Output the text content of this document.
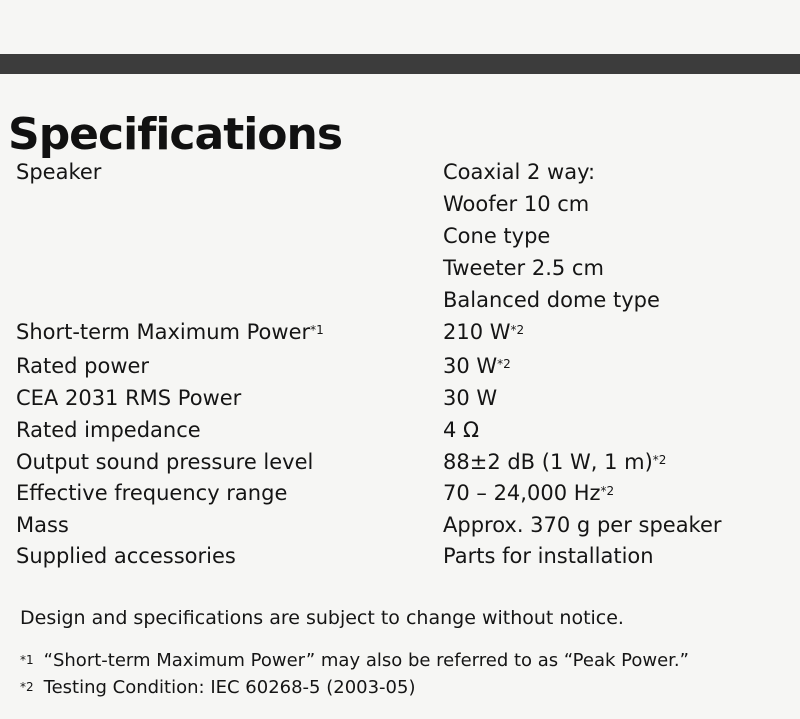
Specifications
Speaker	Coaxial 2 way:
Woofer 10 cm
Cone type
Tweeter 2.5 cm
Balanced dome type
Short-term Maximum Power$^{*1}$	210 $W^{*2}$
Rated power	30 $W^{*2}$
CEA 2031 RMS Power	30 W
Rated impedance	4 Ω
Output sound pressure level	88±2 dB (1 W, 1 m)$^{*2}$
Effective frequency range	70 – 24,000 Hz$^{*2}$
Mass	Approx. 370 g per speaker
Supplied accessories	Parts for installation
Design and specifications are subject to change without notice.
$^{*1}$ “Short-term Maximum Power” may also be referred to as “Peak Power.”
$^{*2}$ Testing Condition: IEC 60268-5 (2003-05)
